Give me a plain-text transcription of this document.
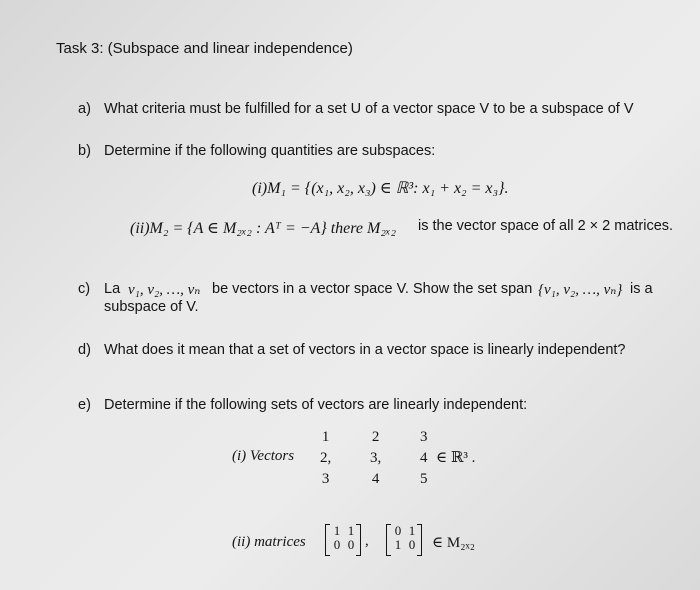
Task 3: (Subspace and linear independence)
a) What criteria must be fulfilled for a set U of a vector space V to be a subspace of V
b) Determine if the following quantities are subspaces:
(i)M₁ = {(x₁, x₂, x₃) ∈ ℝ³: x₁ + x₂ = x₃}.
(ii)M₂ = {A ∈ M₂ₓ₂ : Aᵀ = −A} there M₂ₓ₂ is the vector space of all 2 × 2 matrices.
c) La v₁, v₂, …, vₙ be vectors in a vector space V. Show the set span {v₁, v₂, …, vₙ} is a
subspace of V.
d) What does it mean that a set of vectors in a vector space is linearly independent?
e) Determine if the following sets of vectors are linearly independent:
(i) Vectors
1
2,
3
2
3,
4
3
4
5
∈ ℝ³ .
(ii) matrices
1 1
0 0 ,
0 1
1 0 ∈ M₂ₓ₂
